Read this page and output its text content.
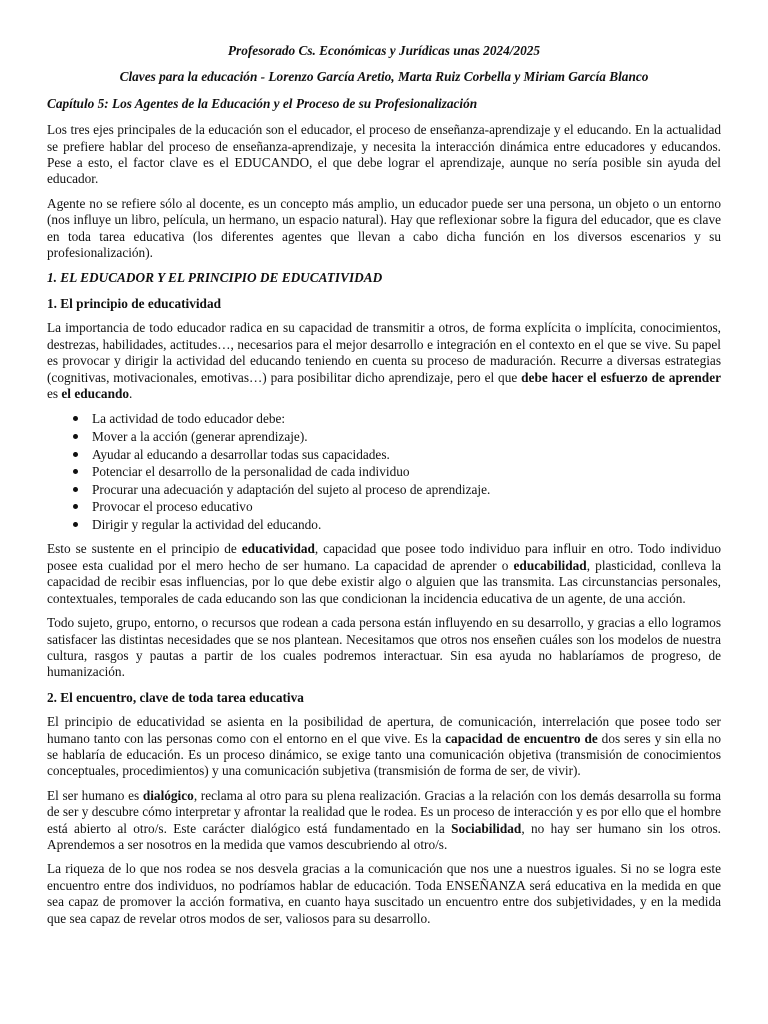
Profesorado Cs. Económicas y Jurídicas unas 2024/2025

Claves para la educación - Lorenzo García Aretio, Marta Ruiz Corbella y Miriam García Blanco

Capítulo 5: Los Agentes de la Educación y el Proceso de su Profesionalización

Los tres ejes principales de la educación son el educador, el proceso de enseñanza-aprendizaje y el educando. En la actualidad se prefiere hablar del proceso de enseñanza-aprendizaje, y necesita la interacción dinámica entre educadores y educandos. Pese a esto, el factor clave es el EDUCANDO, el que debe lograr el aprendizaje, aunque no sería posible sin ayuda del educador.

Agente no se refiere sólo al docente, es un concepto más amplio, un educador puede ser una persona, un objeto o un entorno (nos influye un libro, película, un hermano, un espacio natural). Hay que reflexionar sobre la figura del educador, que es clave en toda tarea educativa (los diferentes agentes que llevan a cabo dicha función en los diversos escenarios y su profesionalización).

1. EL EDUCADOR Y EL PRINCIPIO DE EDUCATIVIDAD

1. El principio de educatividad

La importancia de todo educador radica en su capacidad de transmitir a otros, de forma explícita o implícita, conocimientos, destrezas, habilidades, actitudes…, necesarios para el mejor desarrollo e integración en el contexto en el que se vive. Su papel es provocar y dirigir la actividad del educando teniendo en cuenta su proceso de maduración. Recurre a diversas estrategias (cognitivas, motivacionales, emotivas…) para posibilitar dicho aprendizaje, pero el que debe hacer el esfuerzo de aprender es el educando.

La actividad de todo educador debe:
Mover a la acción (generar aprendizaje).
Ayudar al educando a desarrollar todas sus capacidades.
Potenciar el desarrollo de la personalidad de cada individuo
Procurar una adecuación y adaptación del sujeto al proceso de aprendizaje.
Provocar el proceso educativo
Dirigir y regular la actividad del educando.

Esto se sustente en el principio de educatividad, capacidad que posee todo individuo para influir en otro. Todo individuo posee esta cualidad por el mero hecho de ser humano. La capacidad de aprender o educabilidad, plasticidad, conlleva la capacidad de recibir esas influencias, por lo que debe existir algo o alguien que las transmita. Las circunstancias personales, contextuales, temporales de cada educando son las que condicionan la incidencia educativa de un agente, de una acción.

Todo sujeto, grupo, entorno, o recursos que rodean a cada persona están influyendo en su desarrollo, y gracias a ello logramos satisfacer las distintas necesidades que se nos plantean. Necesitamos que otros nos enseñen cuáles son los modelos de nuestra cultura, rasgos y pautas a partir de los cuales podremos interactuar. Sin esa ayuda no hablaríamos de progreso, de humanización.

2. El encuentro, clave de toda tarea educativa

El principio de educatividad se asienta en la posibilidad de apertura, de comunicación, interrelación que posee todo ser humano tanto con las personas como con el entorno en el que vive. Es la capacidad de encuentro de dos seres y sin ella no se hablaría de educación. Es un proceso dinámico, se exige tanto una comunicación objetiva (transmisión de conocimientos conceptuales, procedimientos) y una comunicación subjetiva (transmisión de forma de ser, de vivir).

El ser humano es dialógico, reclama al otro para su plena realización. Gracias a la relación con los demás desarrolla su forma de ser y descubre cómo interpretar y afrontar la realidad que le rodea. Es un proceso de interacción y es por ello que el hombre está abierto al otro/s. Este carácter dialógico está fundamentado en la Sociabilidad, no hay ser humano sin los otros. Aprendemos a ser nosotros en la medida que vamos descubriendo al otro/s.

La riqueza de lo que nos rodea se nos desvela gracias a la comunicación que nos une a nuestros iguales. Si no se logra este encuentro entre dos individuos, no podríamos hablar de educación. Toda ENSEÑANZA será educativa en la medida en que sea capaz de promover la acción formativa, en cuanto haya suscitado un encuentro entre dos subjetividades, y en la medida que sea capaz de revelar otros modos de ser, valiosos para su desarrollo.
